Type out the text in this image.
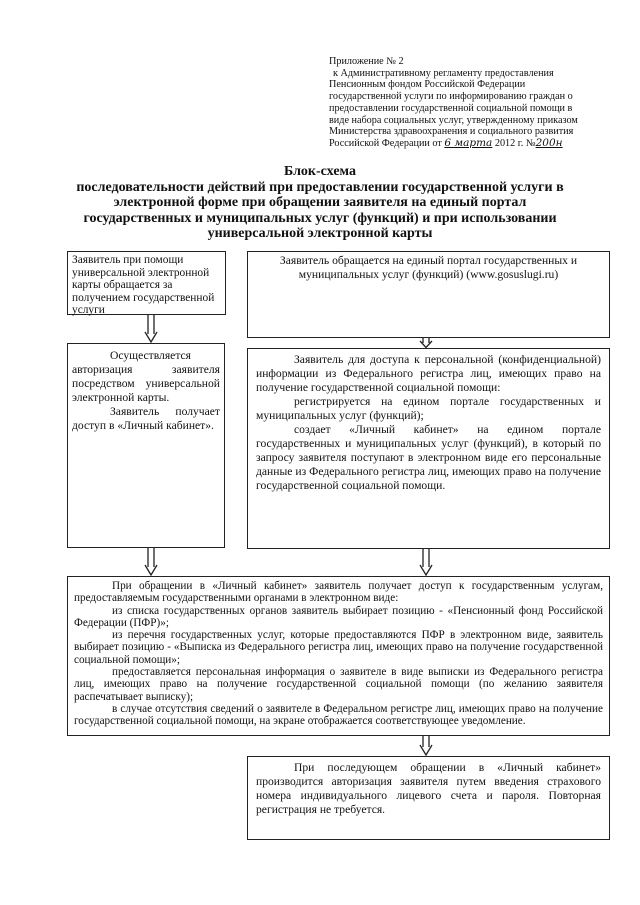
Приложение № 2
к Административному регламенту предоставления
Пенсионным фондом Российской Федерации
государственной услуги по информированию граждан о
предоставлении государственной социальной помощи в
виде набора социальных услуг, утвержденному приказом
Министерства здравоохранения и социального развития
Российской Федерации от 6 марта 2012 г. №200н
Блок-схема
последовательности действий при предоставлении государственной услуги в
электронной форме при обращении заявителя на единый портал
государственных и муниципальных услуг (функций) и при использовании
универсальной электронной карты
Заявитель при помощи универсальной электронной карты обращается за получением государственной услуги
Заявитель обращается на единый портал государственных и
муниципальных услуг (функций) (www.gosuslugi.ru)

Осуществляется авторизация заявителя посредством универсальной электронной карты.

Заявитель получает доступ в «Личный кабинет».

Заявитель для доступа к персональной (конфиденциальной) информации из Федерального регистра лиц, имеющих право на получение государственной социальной помощи:

регистрируется на едином портале государственных и муниципальных услуг (функций);

создает «Личный кабинет» на едином портале государственных и муниципальных услуг (функций), в который по запросу заявителя поступают в электронном виде его персональные данные из Федерального регистра лиц, имеющих право на получение государственной социальной помощи.

При обращении в «Личный кабинет» заявитель получает доступ к государственным услугам, предоставляемым государственными органами в электронном виде:

из списка государственных органов заявитель выбирает позицию - «Пенсионный фонд Российской Федерации (ПФР)»;

из перечня государственных услуг, которые предоставляются ПФР в электронном виде, заявитель выбирает позицию - «Выписка из Федерального регистра лиц, имеющих право на получение государственной социальной помощи»;

предоставляется персональная информация о заявителе в виде выписки из Федерального регистра лиц, имеющих право на получение государственной социальной помощи (по желанию заявителя распечатывает выписку);

в случае отсутствия сведений о заявителе в Федеральном регистре лиц, имеющих право на получение государственной социальной помощи, на экране отображается соответствующее уведомление.

При последующем обращении в «Личный кабинет» производится авторизация заявителя путем введения страхового номера индивидуального лицевого счета и пароля. Повторная регистрация не требуется.
